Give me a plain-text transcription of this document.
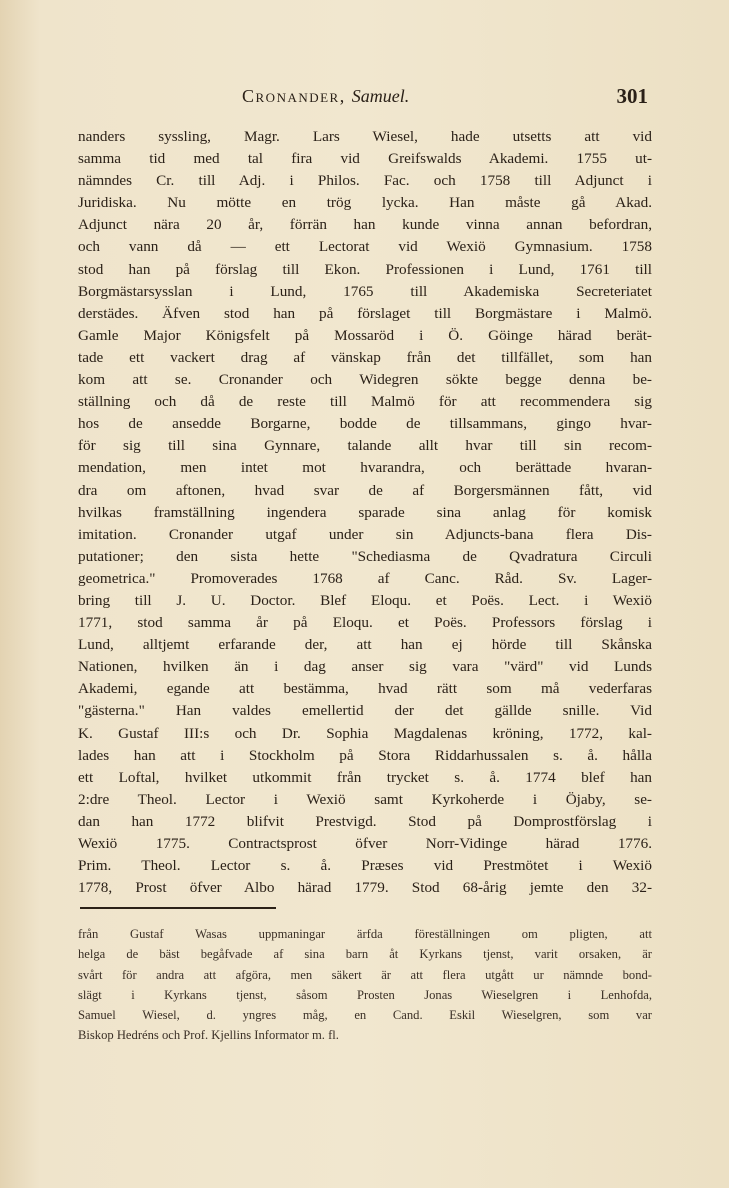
Cronander, Samuel.	301
nanders syssling, Magr. Lars Wiesel, hade utsetts att vid
samma tid med tal fira vid Greifswalds Akademi. 1755 ut-
nämndes Cr. till Adj. i Philos. Fac. och 1758 till Adjunct i
Juridiska. Nu mötte en trög lycka. Han måste gå Akad.
Adjunct nära 20 år, förrän han kunde vinna annan befordran,
och vann då — ett Lectorat vid Wexiö Gymnasium. 1758
stod han på förslag till Ekon. Professionen i Lund, 1761 till
Borgmästarsysslan i Lund, 1765 till Akademiska Secreteriatet
derstädes. Äfven stod han på förslaget till Borgmästare i Malmö.
Gamle Major Königsfelt på Mossaröd i Ö. Göinge härad berät-
tade ett vackert drag af vänskap från det tillfället, som han
kom att se. Cronander och Widegren sökte begge denna be-
ställning och då de reste till Malmö för att recommendera sig
hos de ansedde Borgarne, bodde de tillsammans, gingo hvar-
för sig till sina Gynnare, talande allt hvar till sin recom-
mendation, men intet mot hvarandra, och berättade hvaran-
dra om aftonen, hvad svar de af Borgersmännen fått, vid
hvilkas framställning ingendera sparade sina anlag för komisk
imitation. Cronander utgaf under sin Adjuncts-bana flera Dis-
putationer; den sista hette "Schediasma de Qvadratura Circuli
geometrica." Promoverades 1768 af Canc. Råd. Sv. Lager-
bring till J. U. Doctor. Blef Eloqu. et Poës. Lect. i Wexiö
1771, stod samma år på Eloqu. et Poës. Professors förslag i
Lund, alltjemt erfarande der, att han ej hörde till Skånska
Nationen, hvilken än i dag anser sig vara "värd" vid Lunds
Akademi, egande att bestämma, hvad rätt som må vederfaras
"gästerna." Han valdes emellertid der det gällde snille. Vid
K. Gustaf III:s och Dr. Sophia Magdalenas kröning, 1772, kal-
lades han att i Stockholm på Stora Riddarhussalen s. å. hålla
ett Loftal, hvilket utkommit från trycket s. å. 1774 blef han
2:dre Theol. Lector i Wexiö samt Kyrkoherde i Öjaby, se-
dan han 1772 blifvit Prestvigd. Stod på Domprostförslag i
Wexiö 1775. Contractsprost öfver Norr-Vidinge härad 1776.
Prim. Theol. Lector s. å. Præses vid Prestmötet i Wexiö
1778, Prost öfver Albo härad 1779. Stod 68-årig jemte den 32-
från Gustaf Wasas uppmaningar ärfda föreställningen om pligten, att
helga de bäst begåfvade af sina barn åt Kyrkans tjenst, varit orsaken, är
svårt för andra att afgöra, men säkert är att flera utgått ur nämnde bond-
slägt i Kyrkans tjenst, såsom Prosten Jonas Wieselgren i Lenhofda,
Samuel Wiesel, d. yngres måg, en Cand. Eskil Wieselgren, som var
Biskop Hedréns och Prof. Kjellins Informator m. fl.
